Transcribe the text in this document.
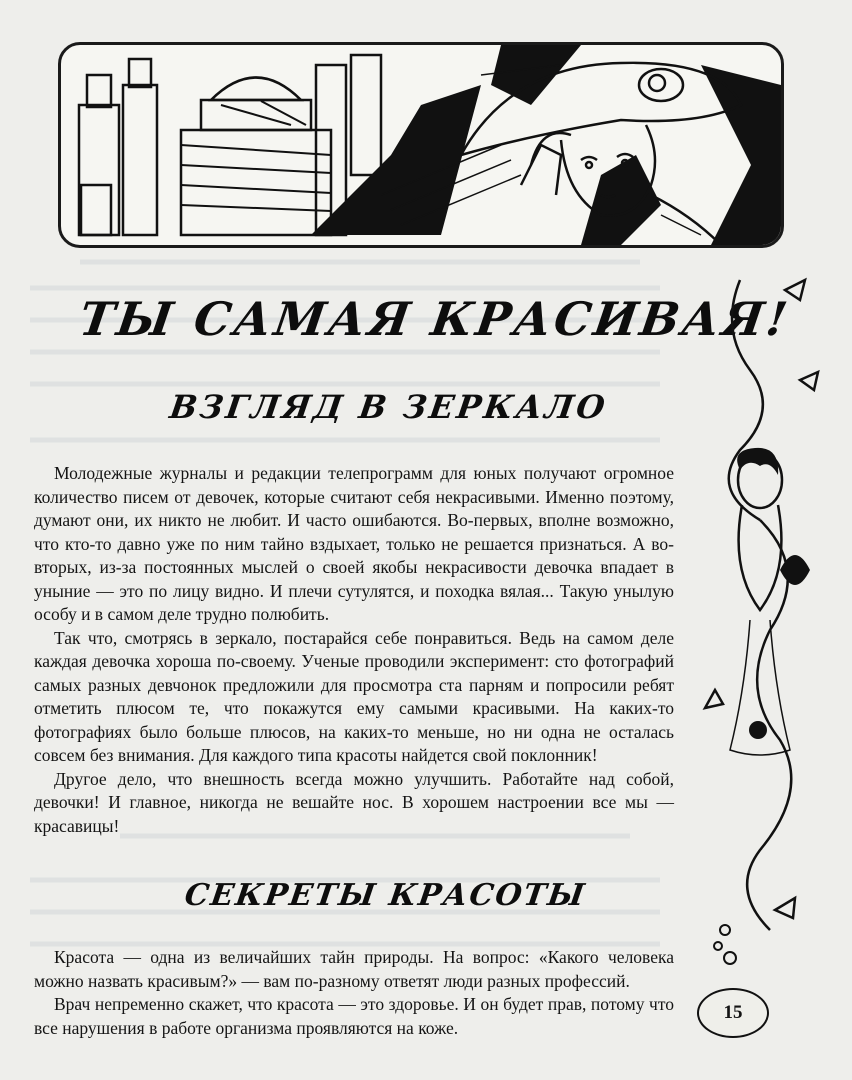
ТЫ САМАЯ КРАСИВАЯ!
ВЗГЛЯД В ЗЕРКАЛО

Молодежные журналы и редакции телепрограмм для юных получают огромное количество писем от девочек, которые считают себя некрасивыми. Именно поэтому, думают они, их никто не любит. И часто ошибаются. Во-первых, вполне возможно, что кто-то давно уже по ним тайно вздыхает, только не решается признаться. А во-вторых, из-за постоянных мыслей о своей якобы некрасивости девочка впадает в уныние — это по лицу видно. И плечи сутулятся, и походка вялая... Такую унылую особу и в самом деле трудно полюбить.

Так что, смотрясь в зеркало, постарайся себе понравиться. Ведь на самом деле каждая девочка хороша по-своему. Ученые проводили эксперимент: сто фотографий самых разных девчонок предложили для просмотра ста парням и попросили ребят отметить плюсом те, что покажутся ему самыми красивыми. На каких-то фотографиях было больше плюсов, на каких-то меньше, но ни одна не осталась совсем без внимания. Для каждого типа красоты найдется свой поклонник!

Другое дело, что внешность всегда можно улучшить. Работайте над собой, девочки! И главное, никогда не вешайте нос. В хорошем настроении все мы — красавицы!

СЕКРЕТЫ КРАСОТЫ

Красота — одна из величайших тайн природы. На вопрос: «Какого человека можно назвать красивым?» — вам по-разному ответят люди разных профессий.

Врач непременно скажет, что красота — это здоровье. И он будет прав, потому что все нарушения в работе организма проявляются на коже.

15
